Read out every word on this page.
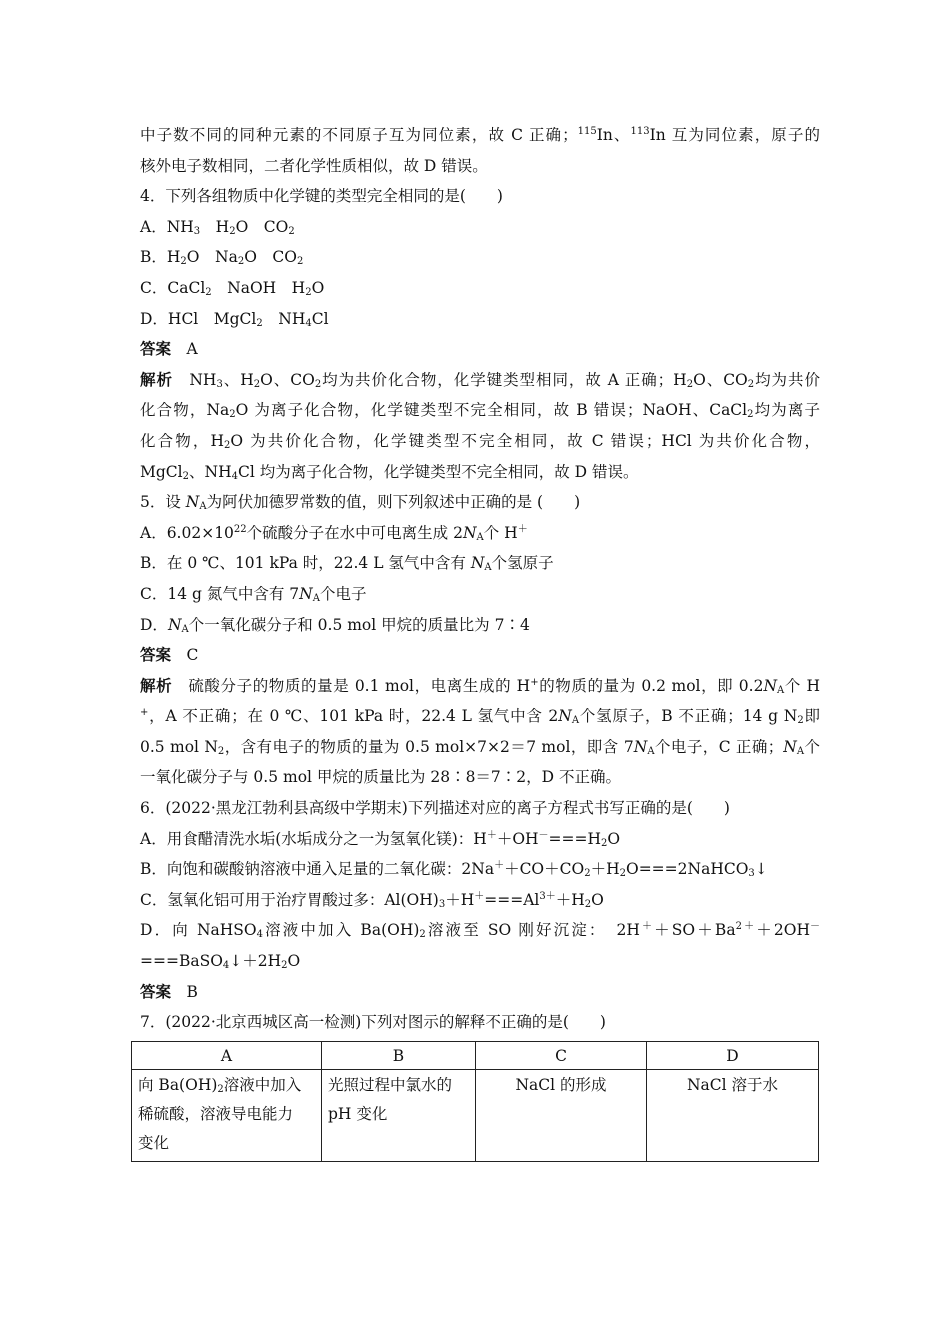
中子数不同的同种元素的不同原子互为同位素，故 C 正确；$^{115}$In、$^{113}$In 互为同位素，原子的
核外电子数相同，二者化学性质相似，故 D 错误。
4．下列各组物质中化学键的类型完全相同的是(　　)
A．$NH_3$　$H_2O$　$CO_2$
B．$H_2O$　$Na_2O$　$CO_2$
C．CaCl$_2$　NaOH　$H_2O$
D．HCl　MgCl$_2$　$NH_4Cl$
答案　 A
解析　 $NH_3$、$H_2O$、$CO_2$均为共价化合物，化学键类型相同，故 A 正确；$H_2O$、$CO_2$均为共价
化合物，$Na_2O$ 为离子化合物，化学键类型不完全相同，故 B 错误；NaOH、CaCl$_2$均为离子
化合物，$H_2O$ 为共价化合物，化学键类型不完全相同，故 C 错误；HCl 为共价化合物，
MgCl$_2$、$NH_4Cl$ 均为离子化合物，化学键类型不完全相同，故 D 错误。
5．设 $N_A$为阿伏加德罗常数的值，则下列叙述中正确的是 (　　)
A．$6.02\times 10^{22}$个硫酸分子在水中可电离生成 $2N_A$个 H＋
B．在 0 ℃、101 kPa 时，22.4 L 氢气中含有 $N_A$个氢原子
C．14 g 氮气中含有 $7N_A$个电子
D．$N_A$个一氧化碳分子和 0.5 mol 甲烷的质量比为 7∶4
答案　 C
解析　 硫酸分子的物质的量是 0.1 mol，电离生成的 H+的物质的量为 0.2 mol，即 $0.2N_A$个 H
+，A 不正确；在 0 ℃、101 kPa 时，22.4 L 氢气中含 $2N_A$个氢原子，B 不正确；14 g $N_2$即
0.5 mol $N_2$，含有电子的物质的量为 0.5 mol×7×2＝7 mol，即含 $7N_A$个电子，C 正确；$N_A$个
一氧化碳分子与 0.5 mol 甲烷的质量比为 28∶8＝7∶2，D 不正确。
6．(2022·黑龙江勃利县高级中学期末)下列描述对应的离子方程式书写正确的是(　　)
A．用食醋清洗水垢(水垢成分之一为氢氧化镁)：$H^++OH^-===H_2O$
B．向饱和碳酸钠溶液中通入足量的二氧化碳：$2Na^++CO+CO_2+H_2O===2NaHCO_3↓$
C．氢氧化铝可用于治疗胃酸过多：$Al(OH)_3+H^+===Al^{3+}+H_2O$
D．向 NaHSO$_4$溶液中加入 $Ba(OH)_2$溶液至 SO 刚好沉淀：　$2H^++SO+Ba^{2+}+2OH^-$
$===BaSO_4↓+2H_2O$
答案　 B
7．(2022·北京西城区高一检测)下列对图示的解释不正确的是(　　)
A	B	C	D
向 $Ba(OH)_2$溶液中加入
稀硫酸，溶液导电能力
变化	光照过程中氯水的
pH 变化	NaCl 的形成	NaCl 溶于水
